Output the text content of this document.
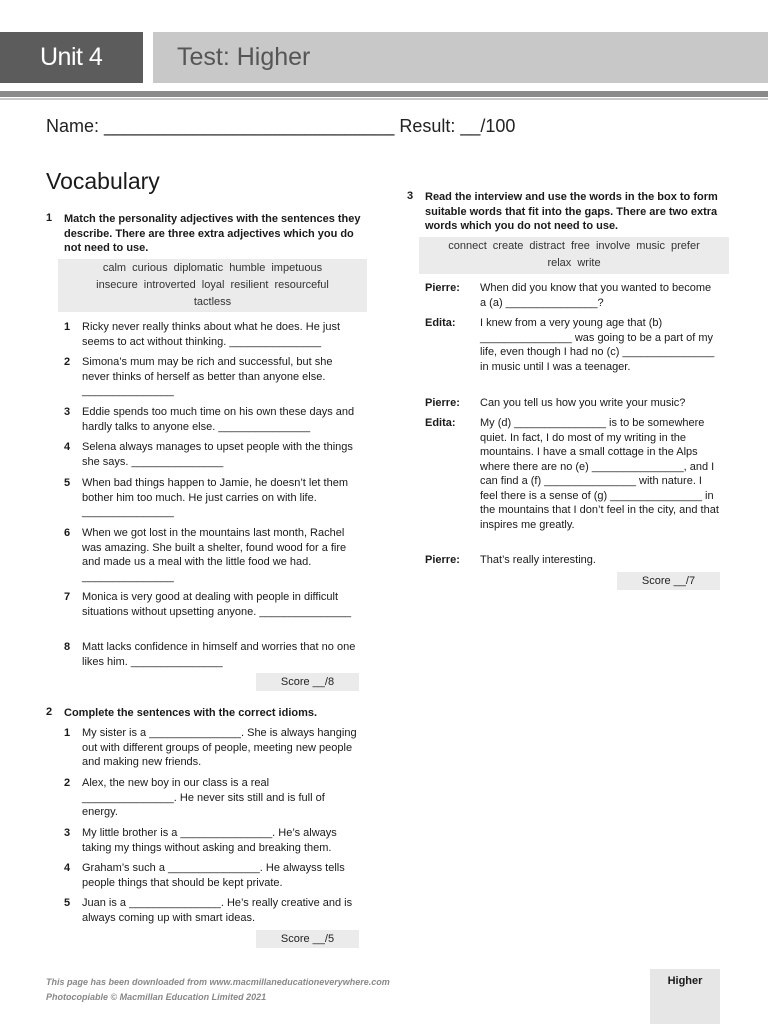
Unit 4	Test: Higher
Name: _____________________________ Result: __/100
Vocabulary
1 Match the personality adjectives with the sentences they describe. There are three extra adjectives which you do not need to use.
calm curious diplomatic humble impetuous
insecure introverted loyal resilient resourceful
tactless
1 Ricky never really thinks about what he does. He just seems to act without thinking. _______________
2 Simona’s mum may be rich and successful, but she never thinks of herself as better than anyone else. _______________
3 Eddie spends too much time on his own these days and hardly talks to anyone else. _______________
4 Selena always manages to upset people with the things she says. _______________
5 When bad things happen to Jamie, he doesn’t let them bother him too much. He just carries on with life. _______________
6 When we got lost in the mountains last month, Rachel was amazing. She built a shelter, found wood for a fire and made us a meal with the little food we had. _______________
7 Monica is very good at dealing with people in difficult situations without upsetting anyone. _______________
8 Matt lacks confidence in himself and worries that no one likes him. _______________
Score __/8
2 Complete the sentences with the correct idioms.
1 My sister is a _______________. She is always hanging out with different groups of people, meeting new people and making new friends.
2 Alex, the new boy in our class is a real _______________. He never sits still and is full of energy.
3 My little brother is a _______________. He’s always taking my things without asking and breaking them.
4 Graham’s such a _______________. He alwayss tells people things that should be kept private.
5 Juan is a _______________. He’s really creative and is always coming up with smart ideas.
Score __/5
3 Read the interview and use the words in the box to form suitable words that fit into the gaps. There are two extra words which you do not need to use.
connect create distract free involve music prefer
relax write
Pierre: When did you know that you wanted to become a (a) _______________?
Edita: I knew from a very young age that (b) _______________ was going to be a part of my life, even though I had no (c) _______________ in music until I was a teenager.
Pierre: Can you tell us how you write your music?
Edita: My (d) _______________ is to be somewhere quiet. In fact, I do most of my writing in the mountains. I have a small cottage in the Alps where there are no (e) _______________, and I can find a (f) _______________ with nature. I feel there is a sense of (g) _______________ in the mountains that I don’t feel in the city, and that inspires me greatly.
Pierre: That’s really interesting.
Score __/7
This page has been downloaded from www.macmillaneducationeverywhere.com
Photocopiable © Macmillan Education Limited 2021
Higher
